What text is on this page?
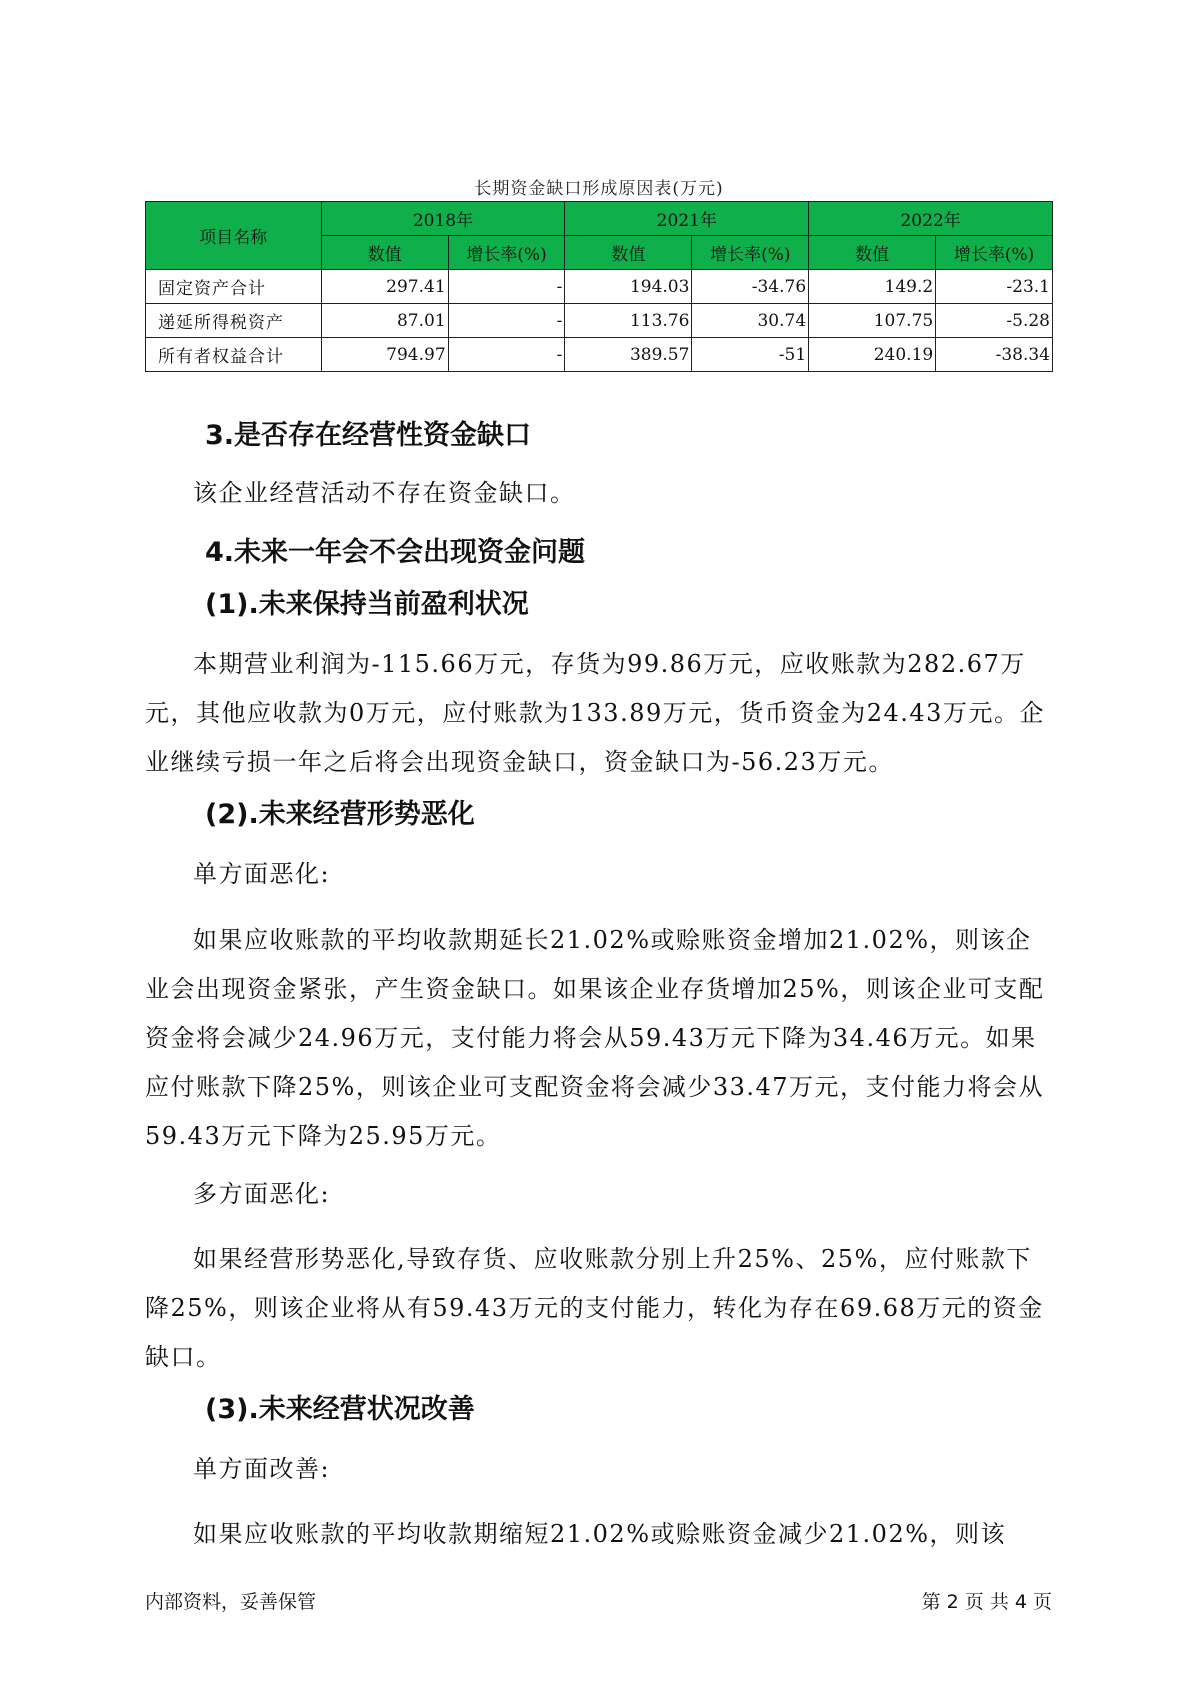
长期资金缺口形成原因表(万元)
项目名称	2018年		2021年		2022年	
	数值	增长率(%)	数值	增长率(%)	数值	增长率(%)
固定资产合计	297.41	-	194.03	-34.76	149.2	-23.1
递延所得税资产	87.01	-	113.76	30.74	107.75	-5.28
所有者权益合计	794.97	-	389.57	-51	240.19	-38.34
3.是否存在经营性资金缺口

该企业经营活动不存在资金缺口。

4.未来一年会不会出现资金问题
(1).未来保持当前盈利状况

本期营业利润为-115.66万元，存货为99.86万元，应收账款为282.67万元，其他应收款为0万元，应付账款为133.89万元，货币资金为24.43万元。企业继续亏损一年之后将会出现资金缺口，资金缺口为-56.23万元。

(2).未来经营形势恶化

单方面恶化:

如果应收账款的平均收款期延长21.02%或赊账资金增加21.02%，则该企业会出现资金紧张，产生资金缺口。如果该企业存货增加25%，则该企业可支配资金将会减少24.96万元，支付能力将会从59.43万元下降为34.46万元。如果应付账款下降25%，则该企业可支配资金将会减少33.47万元，支付能力将会从59.43万元下降为25.95万元。

多方面恶化:

如果经营形势恶化,导致存货、应收账款分别上升25%、25%，应付账款下降25%，则该企业将从有59.43万元的支付能力，转化为存在69.68万元的资金缺口。

(3).未来经营状况改善

单方面改善:

如果应收账款的平均收款期缩短21.02%或赊账资金减少21.02%，则该

内部资料，妥善保管	第 2 页 共 4 页
